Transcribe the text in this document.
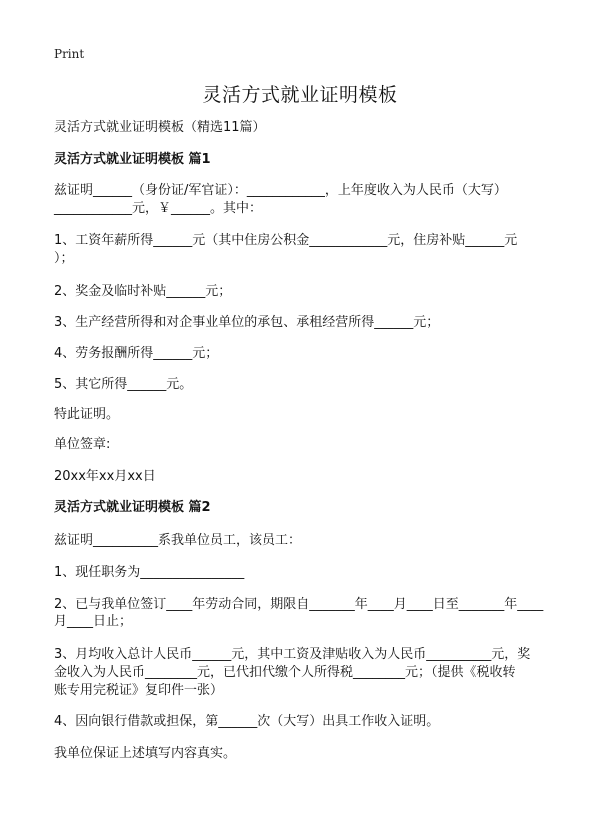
Print
灵活方式就业证明模板
灵活方式就业证明模板（精选11篇）
灵活方式就业证明模板 篇1
兹证明______（身份证/军官证）：____________，上年度收入为人民币（大写）
____________元，￥______。其中：
1、工资年薪所得______元（其中住房公积金____________元，住房补贴______元
）；
2、奖金及临时补贴______元；
3、生产经营所得和对企事业单位的承包、承租经营所得______元；
4、劳务报酬所得______元；
5、其它所得______元。
特此证明。
单位签章:
20xx年xx月xx日
灵活方式就业证明模板 篇2
兹证明__________系我单位员工，该员工：
1、现任职务为________________
2、已与我单位签订____年劳动合同，期限自_______年____月____日至_______年____
月____日止；
3、月均收入总计人民币______元，其中工资及津贴收入为人民币__________元，奖
金收入为人民币________元，已代扣代缴个人所得税________元；（提供《税收转
账专用完税证》复印件一张）
4、因向银行借款或担保，第______次（大写）出具工作收入证明。
我单位保证上述填写内容真实。
